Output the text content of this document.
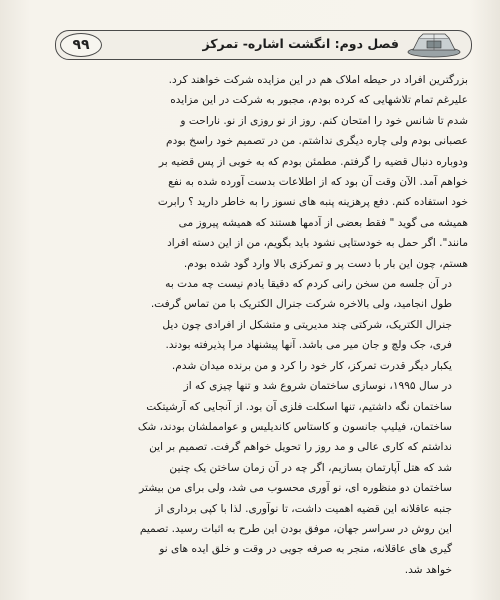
۹۹	فصل دوم: انگشت اشاره- تمرکز

بزرگترین افراد در حیطه املاک هم در این مزایده شرکت خواهند کرد.
علیرغم تمام تلاشهایی که کرده بودم، مجبور به شرکت در این مزایده
شدم تا شانس خود را امتحان کنم. روز از نو روزی از نو. ناراحت و
عصبانی بودم ولی چاره دیگری نداشتم. من در تصمیم خود راسخ بودم
ودوباره دنبال قضیه را گرفتم. مطمئن بودم که به خوبی از پس قضیه بر
خواهم آمد. الآن وقت آن بود که از اطلاعات بدست آورده شده به نفع
خود استفاده کنم. دفع پرهزینه پنبه های نسوز را به خاطر دارید ؟ رابرت
همیشه می گوید " فقط بعضی از آدمها هستند که همیشه پیروز می
مانند". اگر حمل به خودستایی نشود باید بگویم، من از این دسته افراد
هستم، چون این بار با دست پر و تمرکزی بالا وارد گود شده بودم.

در آن جلسه من سخن رانی کردم که دقیقا یادم نیست چه مدت به
طول انجامید، ولی بالاخره شرکت جنرال الکتریک با من تماس گرفت.
جنرال الکتریک، شرکتی چند مدیریتی و متشکل از افرادی چون دیل
فری، جک ولچ و جان میر می باشد. آنها پیشنهاد مرا پذیرفته بودند.
یکبار دیگر قدرت تمرکز، کار خود را کرد و من برنده میدان شدم.

در سال ۱۹۹۵، نوسازی ساختمان شروع شد و تنها چیزی که از
ساختمان نگه داشتیم، تنها اسکلت فلزی آن بود. از آنجایی که آرشیتکت
ساختمان، فیلیپ جانسون و کاستاس کاندیلیس و عوامملشان بودند، شک
نداشتم که کاری عالی و مد روز را تحویل خواهم گرفت. تصمیم بر این
شد که هتل آپارتمان بسازیم، اگر چه در آن زمان ساختن یک چنین
ساختمان دو منظوره ای، نو آوری محسوب می شد، ولی برای من بیشتر
جنبه عاقلانه این قضیه اهمیت داشت، تا نوآوری. لذا با کپی برداری از
این روش در سراسر جهان، موفق بودن این طرح به اثبات رسید. تصمیم
گیری های عاقلانه، منجر به صرفه جویی در وقت و خلق ایده های نو
خواهد شد.
